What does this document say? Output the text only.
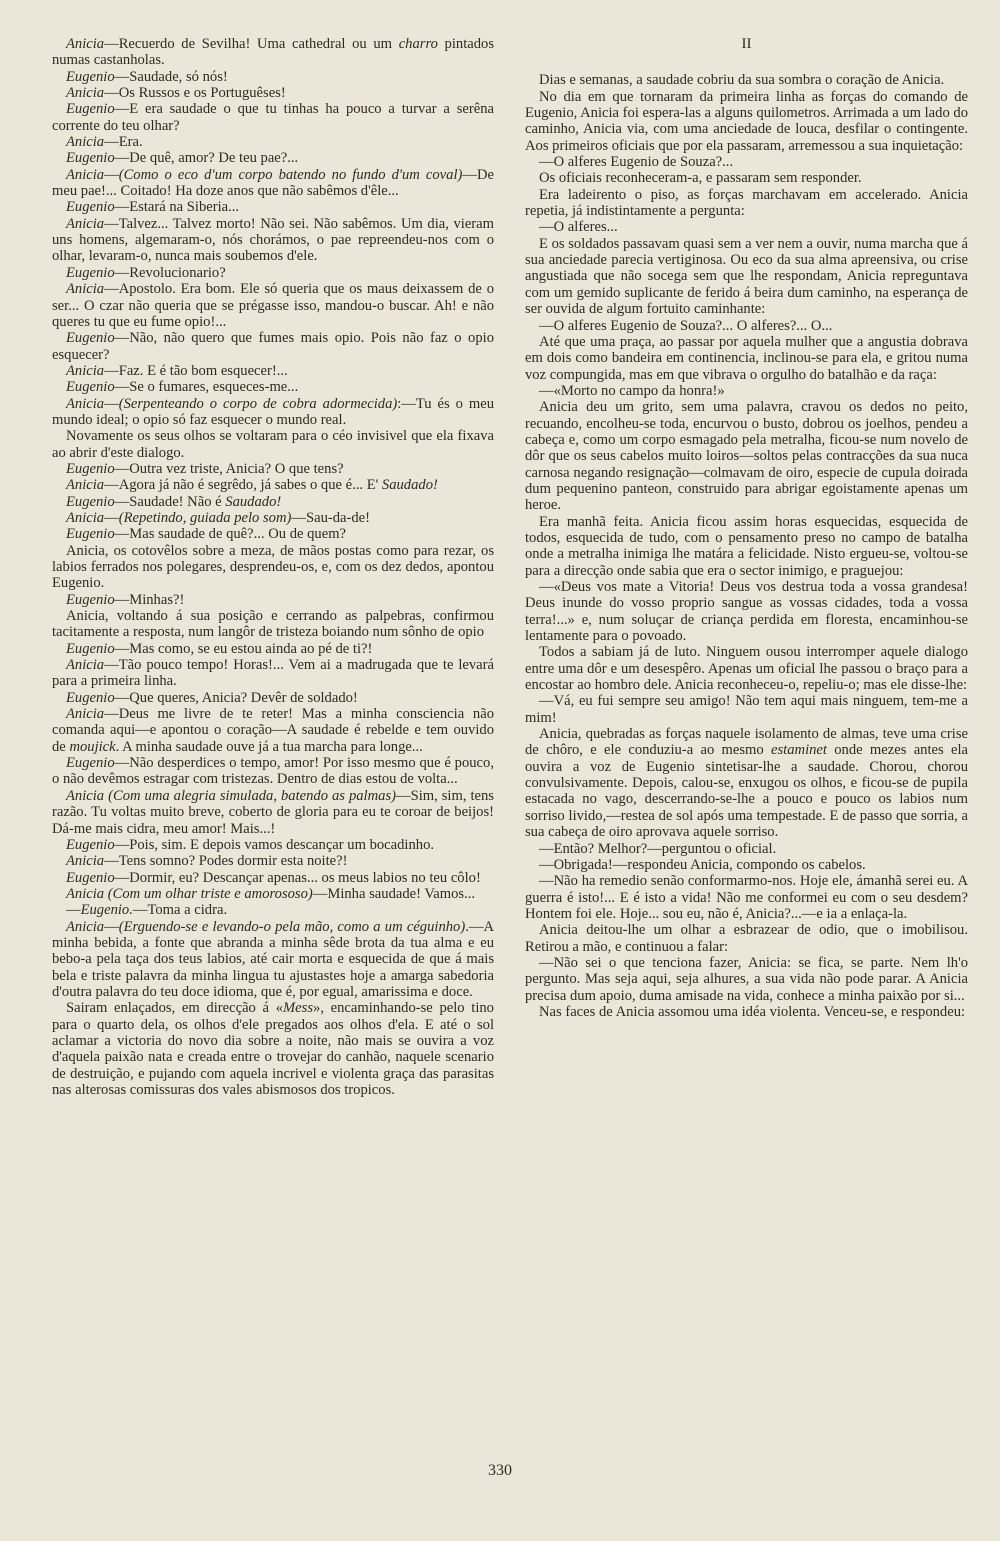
Anicia—Recuerdo de Sevilha! Uma cathedral ou um charro pintados numas castanholas.

Eugenio—Saudade, só nós!

Anicia—Os Russos e os Portuguêses!

Eugenio—E era saudade o que tu tinhas ha pouco a turvar a serêna corrente do teu olhar?

Anicia—Era.

Eugenio—De quê, amor? De teu pae?...

Anicia—(Como o eco d'um corpo batendo no fundo d'um coval)—De meu pae!... Coitado! Ha doze anos que não sabêmos d'êle...

Eugenio—Estará na Siberia...

Anicia—Talvez... Talvez morto! Não sei. Não sabêmos. Um dia, vieram uns homens, algemaram-o, nós chorámos, o pae repreendeu-nos com o olhar, levaram-o, nunca mais soubemos d'ele.

Eugenio—Revolucionario?

Anicia—Apostolo. Era bom. Ele só queria que os maus deixassem de o ser... O czar não queria que se prégasse isso, mandou-o buscar. Ah! e não queres tu que eu fume opio!...

Eugenio—Não, não quero que fumes mais opio. Pois não faz o opio esquecer?

Anicia—Faz. E é tão bom esquecer!...

Eugenio—Se o fumares, esqueces-me...

Anicia—(Serpenteando o corpo de cobra adormecida):—Tu és o meu mundo ideal; o opio só faz esquecer o mundo real.

Novamente os seus olhos se voltaram para o céo invisivel que ela fixava ao abrir d'este dialogo.

Eugenio—Outra vez triste, Anicia? O que tens?

Anicia—Agora já não é segrêdo, já sabes o que é... E' Saudado!

Eugenio—Saudade! Não é Saudado!

Anicia—(Repetindo, guiada pelo som)—Sau-da-de!

Eugenio—Mas saudade de quê?... Ou de quem?

Anicia, os cotovêlos sobre a meza, de mãos postas como para rezar, os labios ferrados nos polegares, desprendeu-os, e, com os dez dedos, apontou Eugenio.

Eugenio—Minhas?!

Anicia, voltando á sua posição e cerrando as palpebras, confirmou tacitamente a resposta, num langôr de tristeza boiando num sônho de opio

Eugenio—Mas como, se eu estou ainda ao pé de ti?!

Anicia—Tão pouco tempo! Horas!... Vem ai a madrugada que te levará para a primeira linha.

Eugenio—Que queres, Anicia? Devêr de soldado!

Anicia—Deus me livre de te reter! Mas a minha consciencia não comanda aqui—e apontou o coração—A saudade é rebelde e tem ouvido de moujick. A minha saudade ouve já a tua marcha para longe...

Eugenio—Não desperdices o tempo, amor! Por isso mesmo que é pouco, o não devêmos estragar com tristezas. Dentro de dias estou de volta...

Anicia (Com uma alegria simulada, batendo as palmas)—Sim, sim, tens razão. Tu voltas muito breve, coberto de gloria para eu te coroar de beijos! Dá-me mais cidra, meu amor! Mais...!

Eugenio—Pois, sim. E depois vamos descançar um bocadinho.

Anicia—Tens somno? Podes dormir esta noite?!

Eugenio—Dormir, eu? Descançar apenas... os meus labios no teu côlo!

Anicia (Com um olhar triste e amorososo)—Minha saudade! Vamos...

—Eugenio.—Toma a cidra.

Anicia—(Erguendo-se e levando-o pela mão, como a um céguinho).—A minha bebida, a fonte que abranda a minha sêde brota da tua alma e eu bebo-a pela taça dos teus labios, até cair morta e esquecida de que á mais bela e triste palavra da minha lingua tu ajustastes hoje a amarga sabedoria d'outra palavra do teu doce idioma, que é, por egual, amarissima e doce.

Sairam enlaçados, em direcção á «Mess», encaminhando-se pelo tino para o quarto dela, os olhos d'ele pregados aos olhos d'ela. E até o sol aclamar a victoria do novo dia sobre a noite, não mais se ouvira a voz d'aquela paixão nata e creada entre o trovejar do canhão, naquele scenario de destruição, e pujando com aquela incrivel e violenta graça das parasitas nas alterosas comissuras dos vales abismosos dos tropicos.

II

Dias e semanas, a saudade cobriu da sua sombra o coração de Anicia.

No dia em que tornaram da primeira linha as forças do comando de Eugenio, Anicia foi espera-las a alguns quilometros. Arrimada a um lado do caminho, Anicia via, com uma anciedade de louca, desfilar o contingente. Aos primeiros oficiais que por ela passaram, arremessou a sua inquietação:

—O alferes Eugenio de Souza?...

Os oficiais reconheceram-a, e passaram sem responder.

Era ladeirento o piso, as forças marchavam em accelerado. Anicia repetia, já indistintamente a pergunta:

—O alferes...

E os soldados passavam quasi sem a ver nem a ouvir, numa marcha que á sua anciedade parecia vertiginosa. Ou eco da sua alma apreensiva, ou crise angustiada que não socega sem que lhe respondam, Anicia repreguntava com um gemido suplicante de ferido á beira dum caminho, na esperança de ser ouvida de algum fortuito caminhante:

—O alferes Eugenio de Souza?... O alferes?... O...

Até que uma praça, ao passar por aquela mulher que a angustia dobrava em dois como bandeira em continencia, inclinou-se para ela, e gritou numa voz compungida, mas em que vibrava o orgulho do batalhão e da raça:

—«Morto no campo da honra!»

Anicia deu um grito, sem uma palavra, cravou os dedos no peito, recuando, encolheu-se toda, encurvou o busto, dobrou os joelhos, pendeu a cabeça e, como um corpo esmagado pela metralha, ficou-se num novelo de dôr que os seus cabelos muito loiros—soltos pelas contracções da sua nuca carnosa negando resignação—colmavam de oiro, especie de cupula doirada dum pequenino panteon, construido para abrigar egoistamente apenas um heroe.

Era manhã feita. Anicia ficou assim horas esquecidas, esquecida de todos, esquecida de tudo, com o pensamento preso no campo de batalha onde a metralha inimiga lhe matára a felicidade. Nisto ergueu-se, voltou-se para a direcção onde sabia que era o sector inimigo, e praguejou:

—«Deus vos mate a Vitoria! Deus vos destrua toda a vossa grandesa! Deus inunde do vosso proprio sangue as vossas cidades, toda a vossa terra!...» e, num soluçar de criança perdida em floresta, encaminhou-se lentamente para o povoado.

Todos a sabiam já de luto. Ninguem ousou interromper aquele dialogo entre uma dôr e um desespêro. Apenas um oficial lhe passou o braço para a encostar ao hombro dele. Anicia reconheceu-o, repeliu-o; mas ele disse-lhe:

—Vá, eu fui sempre seu amigo! Não tem aqui mais ninguem, tem-me a mim!

Anicia, quebradas as forças naquele isolamento de almas, teve uma crise de chôro, e ele conduziu-a ao mesmo estaminet onde mezes antes ela ouvira a voz de Eugenio sintetisar-lhe a saudade. Chorou, chorou convulsivamente. Depois, calou-se, enxugou os olhos, e ficou-se de pupila estacada no vago, descerrando-se-lhe a pouco e pouco os labios num sorriso livido,—restea de sol após uma tempestade. E de passo que sorria, a sua cabeça de oiro aprovava aquele sorriso.

—Então? Melhor?—perguntou o oficial.

—Obrigada!—respondeu Anicia, compondo os cabelos.

—Não ha remedio senão conformarmo-nos. Hoje ele, ámanhã serei eu. A guerra é isto!... E é isto a vida! Não me conformei eu com o seu desdem? Hontem foi ele. Hoje... sou eu, não é, Anicia?...—e ia a enlaça-la.

Anicia deitou-lhe um olhar a esbrazear de odio, que o imobilisou. Retirou a mão, e continuou a falar:

—Não sei o que tenciona fazer, Anicia: se fica, se parte. Nem lh'o pergunto. Mas seja aqui, seja alhures, a sua vida não pode parar. A Anicia precisa dum apoio, duma amisade na vida, conhece a minha paixão por si...

Nas faces de Anicia assomou uma idéa violenta. Venceu-se, e respondeu:

330
